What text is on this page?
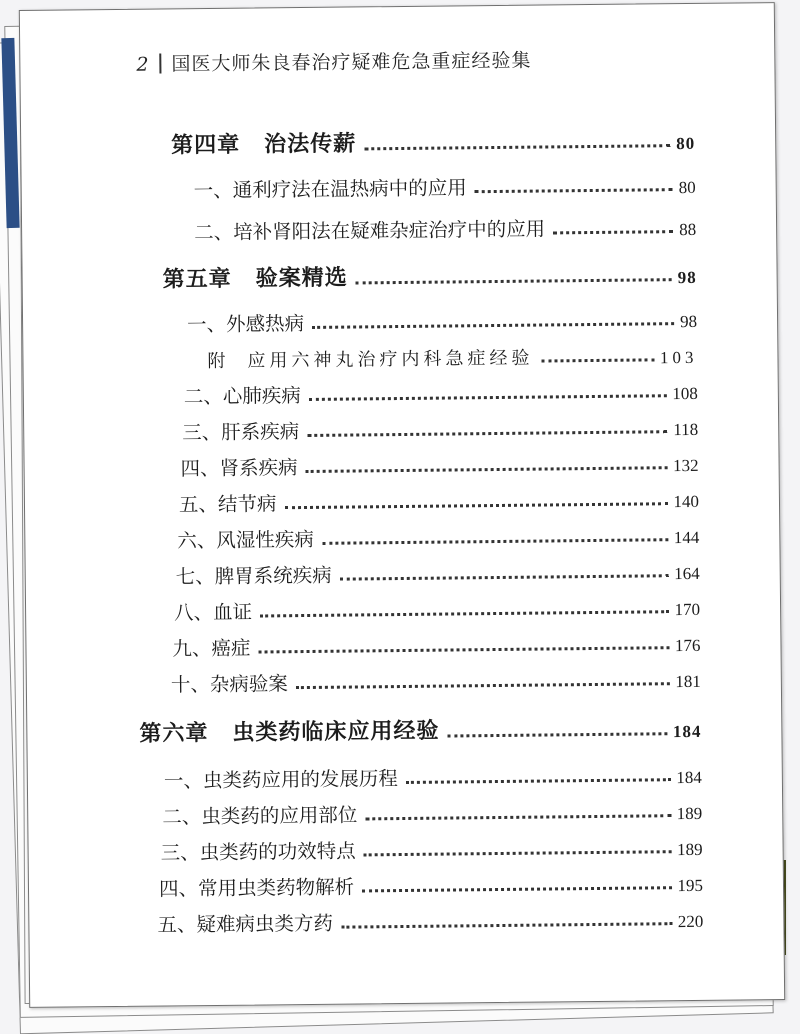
2 国医大师朱良春治疗疑难危急重症经验集
第四章 治法传薪	80
一、通利疗法在温热病中的应用	80
二、培补肾阳法在疑难杂症治疗中的应用	88
第五章 验案精选	98
一、外感热病	98
附 应用六神丸治疗内科急症经验	103
二、心肺疾病	108
三、肝系疾病	118
四、肾系疾病	132
五、结节病	140
六、风湿性疾病	144
七、脾胃系统疾病	164
八、血证	170
九、癌症	176
十、杂病验案	181
第六章 虫类药临床应用经验	184
一、虫类药应用的发展历程	184
二、虫类药的应用部位	189
三、虫类药的功效特点	189
四、常用虫类药物解析	195
五、疑难病虫类方药	220
